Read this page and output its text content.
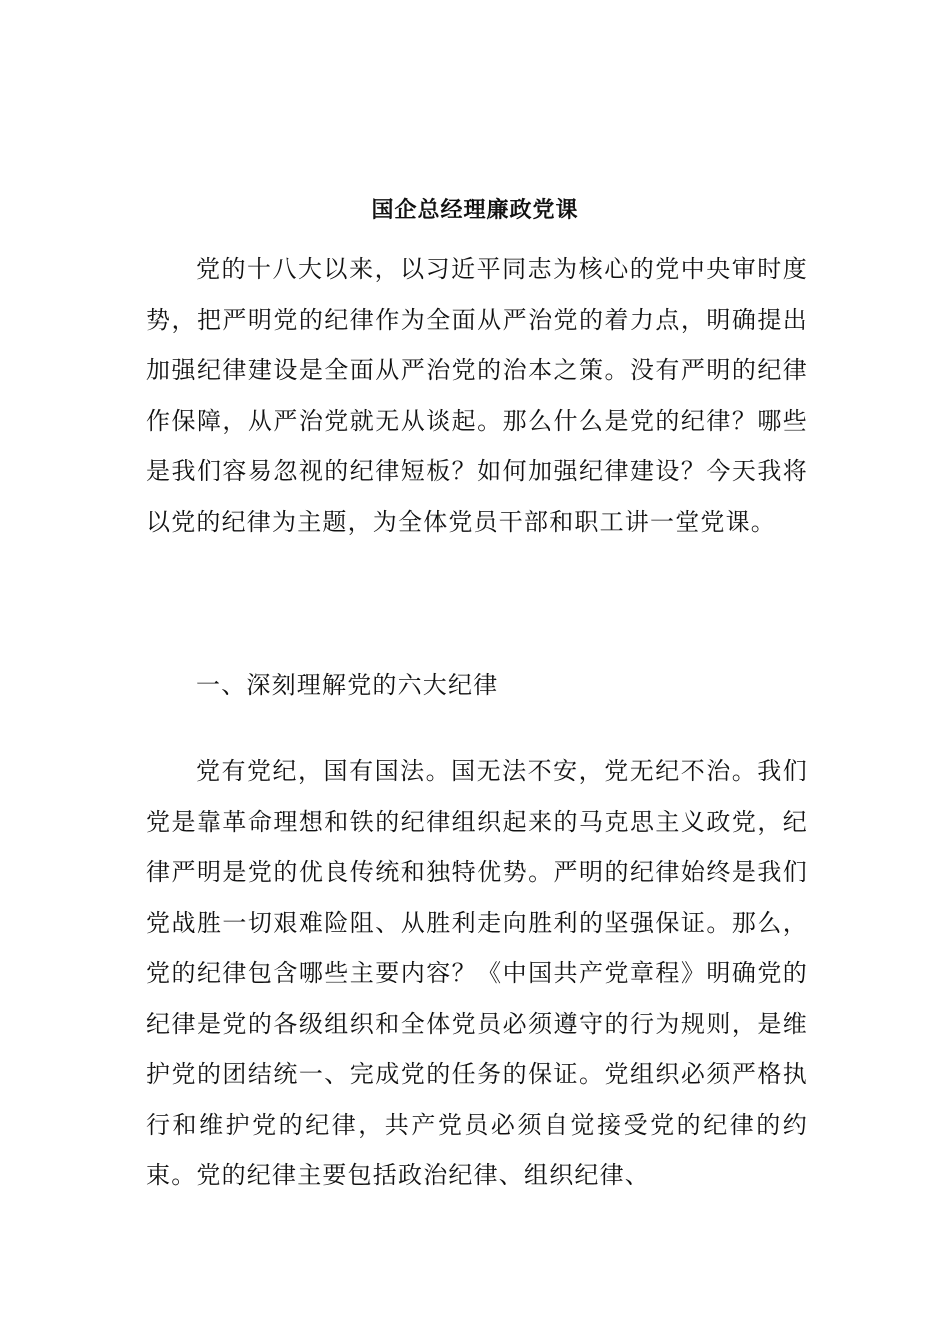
国企总经理廉政党课

党的十八大以来，以习近平同志为核心的党中央审时度势，把严明党的纪律作为全面从严治党的着力点，明确提出加强纪律建设是全面从严治党的治本之策。没有严明的纪律作保障，从严治党就无从谈起。那么什么是党的纪律？哪些是我们容易忽视的纪律短板？如何加强纪律建设？今天我将以党的纪律为主题，为全体党员干部和职工讲一堂党课。

一、深刻理解党的六大纪律

党有党纪，国有国法。国无法不安，党无纪不治。我们党是靠革命理想和铁的纪律组织起来的马克思主义政党，纪律严明是党的优良传统和独特优势。严明的纪律始终是我们党战胜一切艰难险阻、从胜利走向胜利的坚强保证。那么，党的纪律包含哪些主要内容？《中国共产党章程》明确党的纪律是党的各级组织和全体党员必须遵守的行为规则，是维护党的团结统一、完成党的任务的保证。党组织必须严格执行和维护党的纪律，共产党员必须自觉接受党的纪律的约束。党的纪律主要包括政治纪律、组织纪律、
